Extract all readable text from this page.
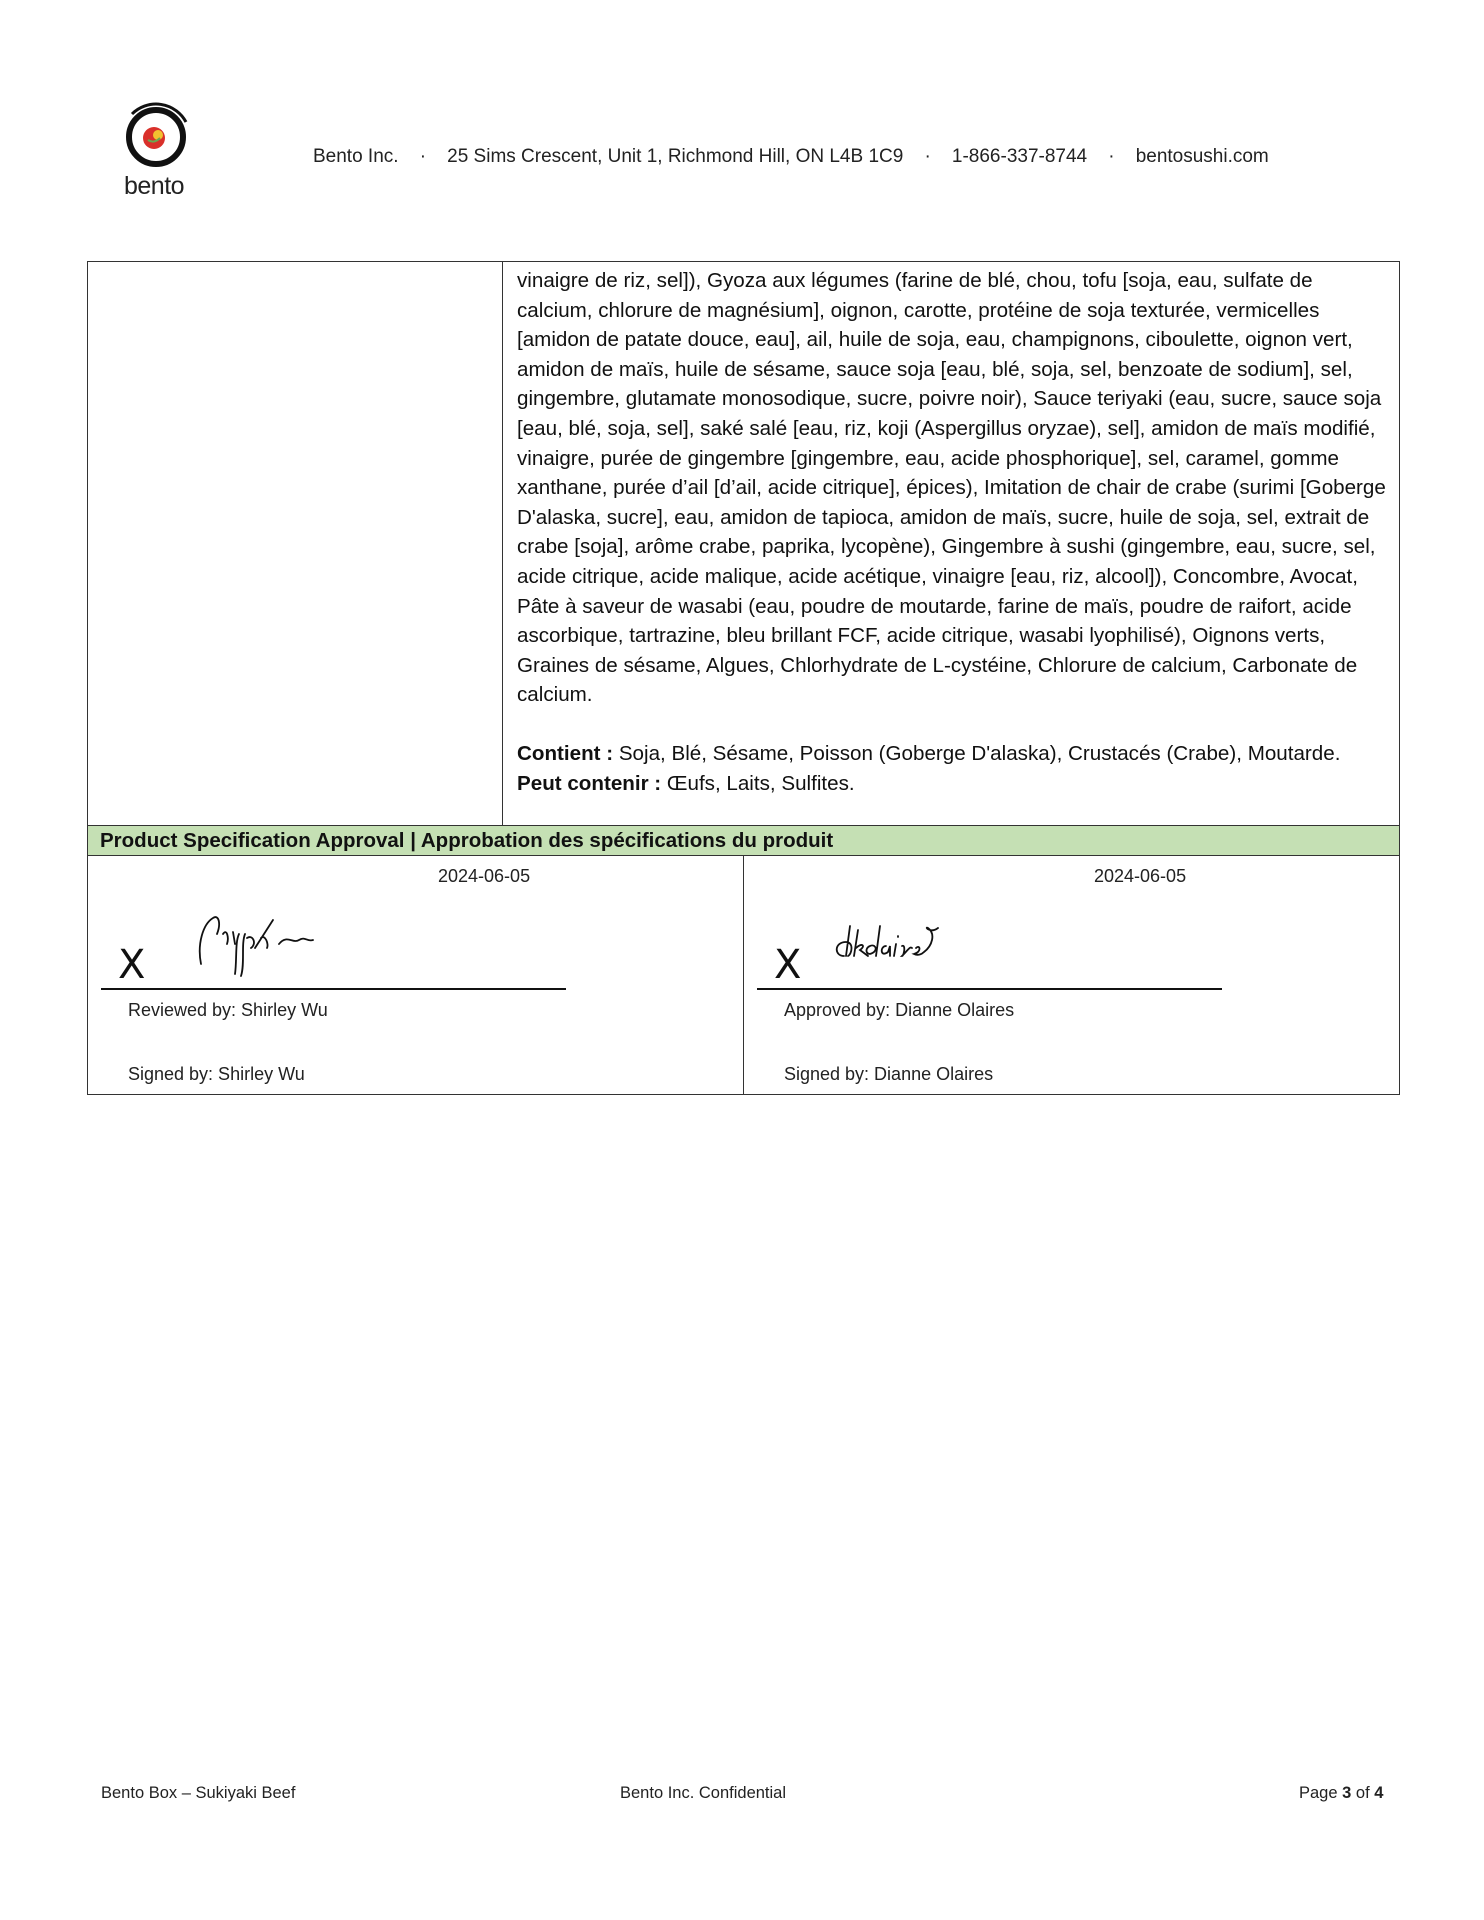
bento
Bento Inc. · 25 Sims Crescent, Unit 1, Richmond Hill, ON L4B 1C9 · 1-866-337-8744 · bentosushi.com

vinaigre de riz, sel]), Gyoza aux légumes (farine de blé, chou, tofu [soja, eau, sulfate de calcium, chlorure de magnésium], oignon, carotte, protéine de soja texturée, vermicelles [amidon de patate douce, eau], ail, huile de soja, eau, champignons, ciboulette, oignon vert, amidon de maïs, huile de sésame, sauce soja [eau, blé, soja, sel, benzoate de sodium], sel, gingembre, glutamate monosodique, sucre, poivre noir), Sauce teriyaki (eau, sucre, sauce soja [eau, blé, soja, sel], saké salé [eau, riz, koji (Aspergillus oryzae), sel], amidon de maïs modifié, vinaigre, purée de gingembre [gingembre, eau, acide phosphorique], sel, caramel, gomme xanthane, purée d’ail [d’ail, acide citrique], épices), Imitation de chair de crabe (surimi [Goberge D'alaska, sucre], eau, amidon de tapioca, amidon de maïs, sucre, huile de soja, sel, extrait de crabe [soja], arôme crabe, paprika, lycopène), Gingembre à sushi (gingembre, eau, sucre, sel, acide citrique, acide malique, acide acétique, vinaigre [eau, riz, alcool]), Concombre, Avocat, Pâte à saveur de wasabi (eau, poudre de moutarde, farine de maïs, poudre de raifort, acide ascorbique, tartrazine, bleu brillant FCF, acide citrique, wasabi lyophilisé), Oignons verts, Graines de sésame, Algues, Chlorhydrate de L-cystéine, Chlorure de calcium, Carbonate de calcium.

Contient : Soja, Blé, Sésame, Poisson (Goberge D'alaska), Crustacés (Crabe), Moutarde.

Peut contenir : Œufs, Laits, Sulfites.

Product Specification Approval | Approbation des spécifications du produit
2024-06-05
X
Reviewed by: Shirley Wu
Signed by: Shirley Wu
2024-06-05
X
Approved by: Dianne Olaires
Signed by: Dianne Olaires
Bento Box – Sukiyaki Beef	Bento Inc. Confidential	Page 3 of 4
